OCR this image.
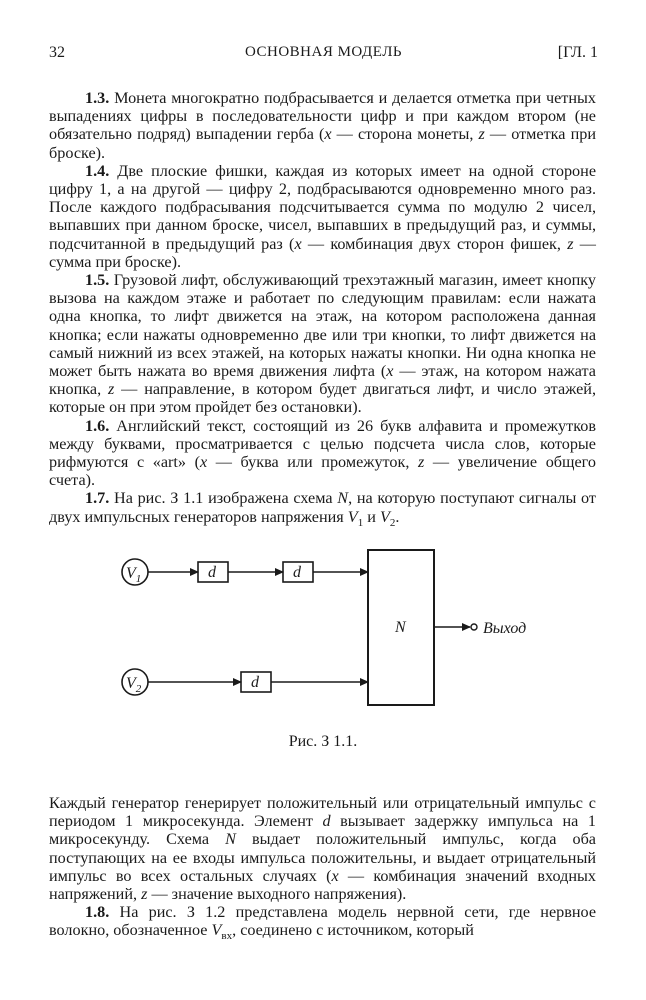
32	ОСНОВНАЯ МОДЕЛЬ	[ГЛ. 1

1.3. Монета многократно подбрасывается и делается отметка при четных выпадениях цифры в последовательности цифр и при каждом втором (не обязательно подряд) выпадении герба (x — сторона монеты, z — отметка при броске).

1.4. Две плоские фишки, каждая из которых имеет на одной стороне цифру 1, а на другой — цифру 2, подбрасываются одновременно много раз. После каждого подбрасывания подсчитывается сумма по модулю 2 чисел, выпавших при данном броске, чисел, выпавших в предыдущий раз, и суммы, подсчитанной в предыдущий раз (x — комбинация двух сторон фишек, z — сумма при броске).

1.5. Грузовой лифт, обслуживающий трехэтажный магазин, имеет кнопку вызова на каждом этаже и работает по следующим правилам: если нажата одна кнопка, то лифт движется на этаж, на котором расположена данная кнопка; если нажаты одновременно две или три кнопки, то лифт движется на самый нижний из всех этажей, на которых нажаты кнопки. Ни одна кнопка не может быть нажата во время движения лифта (x — этаж, на котором нажата кнопка, z — направление, в котором будет двигаться лифт, и число этажей, которые он при этом пройдет без остановки).

1.6. Английский текст, состоящий из 26 букв алфавита и промежутков между буквами, просматривается с целью подсчета числа слов, которые рифмуются с «art» (x — буква или промежуток, z — увеличение общего счета).

1.7. На рис. З 1.1 изображена схема N, на которую поступают сигналы от двух импульсных генераторов напряжения $V_1$ и $V_2$.

$V_1$
$V_2$
d	d
d
N	Выход
Рис. З 1.1.

Каждый генератор генерирует положительный или отрицательный импульс с периодом 1 микросекунда. Элемент d вызывает задержку импульса на 1 микросекунду. Схема N выдает положительный импульс, когда оба поступающих на ее входы импульса положительны, и выдает отрицательный импульс во всех остальных случаях (x — комбинация значений входных напряжений, z — значение выходного напряжения).

1.8. На рис. З 1.2 представлена модель нервной сети, где нервное волокно, обозначенное $V_{вх}$, соединено с источником, который
